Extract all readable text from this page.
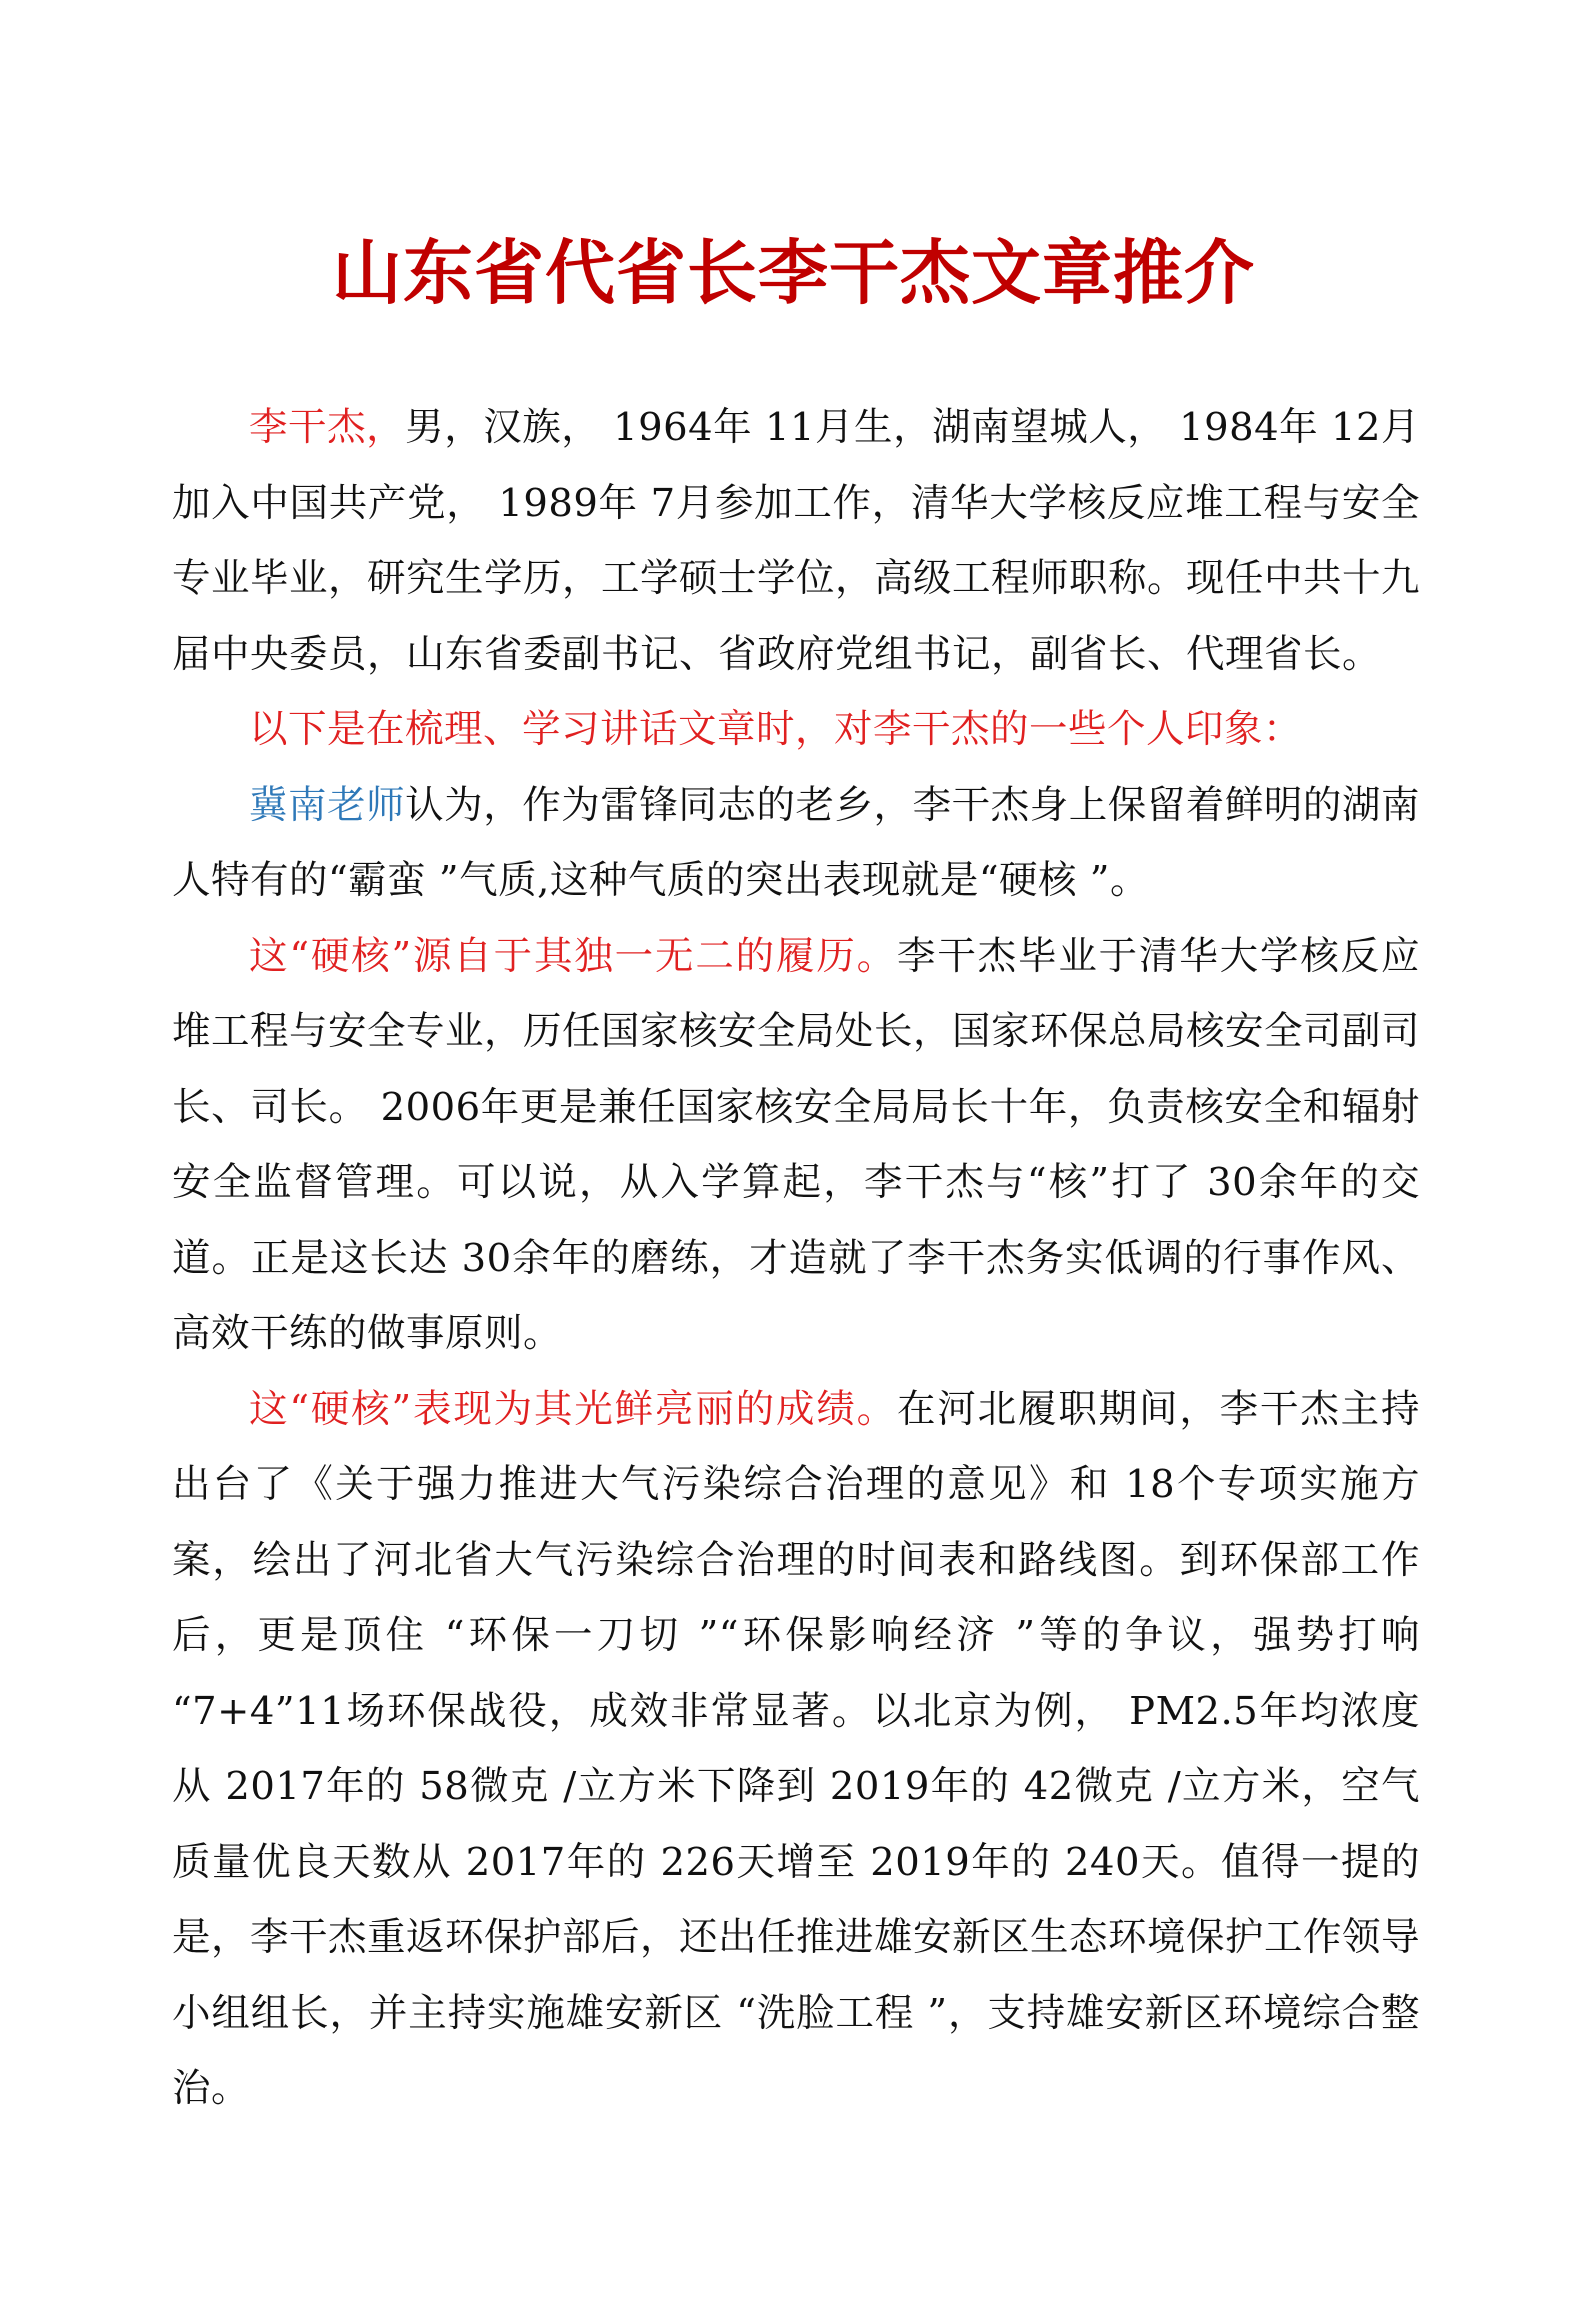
山东省代省长李干杰文章推介

李干杰，男，汉族， 1964年 11月生，湖南望城人， 1984年 12月加入中国共产党， 1989年 7月参加工作，清华大学核反应堆工程与安全专业毕业，研究生学历，工学硕士学位，高级工程师职称。现任中共十九届中央委员，山东省委副书记、省政府党组书记，副省长、代理省长。

以下是在梳理、学习讲话文章时，对李干杰的一些个人印象：

冀南老师认为，作为雷锋同志的老乡，李干杰身上保留着鲜明的湖南人特有的“霸蛮 ”气质,这种气质的突出表现就是“硬核 ”。

这“硬核”源自于其独一无二的履历。李干杰毕业于清华大学核反应堆工程与安全专业，历任国家核安全局处长，国家环保总局核安全司副司长、司长。 2006年更是兼任国家核安全局局长十年，负责核安全和辐射安全监督管理。可以说，从入学算起，李干杰与“核”打了 30余年的交道。正是这长达 30余年的磨练，才造就了李干杰务实低调的行事作风、高效干练的做事原则。

这“硬核”表现为其光鲜亮丽的成绩。在河北履职期间，李干杰主持出台了《关于强力推进大气污染综合治理的意见》和 18个专项实施方案，绘出了河北省大气污染综合治理的时间表和路线图。到环保部工作后，更是顶住 “环保一刀切 ”“环保影响经济 ”等的争议，强势打响 “7+4”11场环保战役，成效非常显著。以北京为例， PM2.5年均浓度从 2017年的 58微克 /立方米下降到 2019年的 42微克 /立方米，空气质量优良天数从 2017年的 226天增至 2019年的 240天。值得一提的是，李干杰重返环保护部后，还出任推进雄安新区生态环境保护工作领导小组组长，并主持实施雄安新区 “洗脸工程 ”，支持雄安新区环境综合整治。
